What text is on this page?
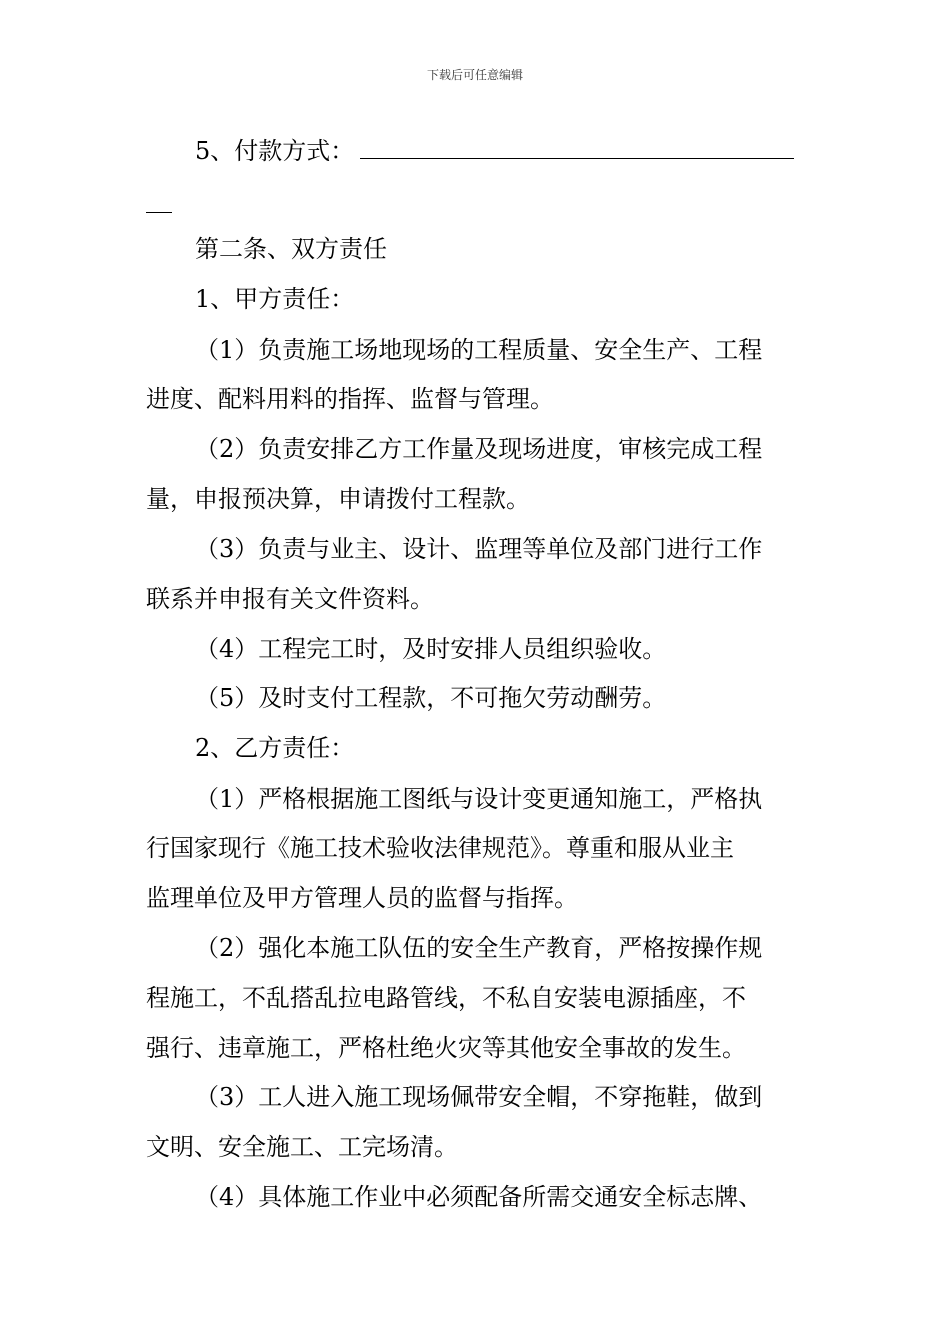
下载后可任意编辑
5、付款方式：
第二条、双方责任
1、甲方责任：
（1）负责施工场地现场的工程质量、安全生产、工程
进度、配料用料的指挥、监督与管理。
（2）负责安排乙方工作量及现场进度，审核完成工程
量，申报预决算，申请拨付工程款。
（3）负责与业主、设计、监理等单位及部门进行工作
联系并申报有关文件资料。
（4）工程完工时，及时安排人员组织验收。
（5）及时支付工程款，不可拖欠劳动酬劳。
2、乙方责任：
（1）严格根据施工图纸与设计变更通知施工，严格执
行国家现行《施工技术验收法律规范》。尊重和服从业主
监理单位及甲方管理人员的监督与指挥。
（2）强化本施工队伍的安全生产教育，严格按操作规
程施工，不乱搭乱拉电路管线，不私自安装电源插座，不
强行、违章施工，严格杜绝火灾等其他安全事故的发生。
（3）工人进入施工现场佩带安全帽，不穿拖鞋，做到
文明、安全施工、工完场清。
（4）具体施工作业中必须配备所需交通安全标志牌、
